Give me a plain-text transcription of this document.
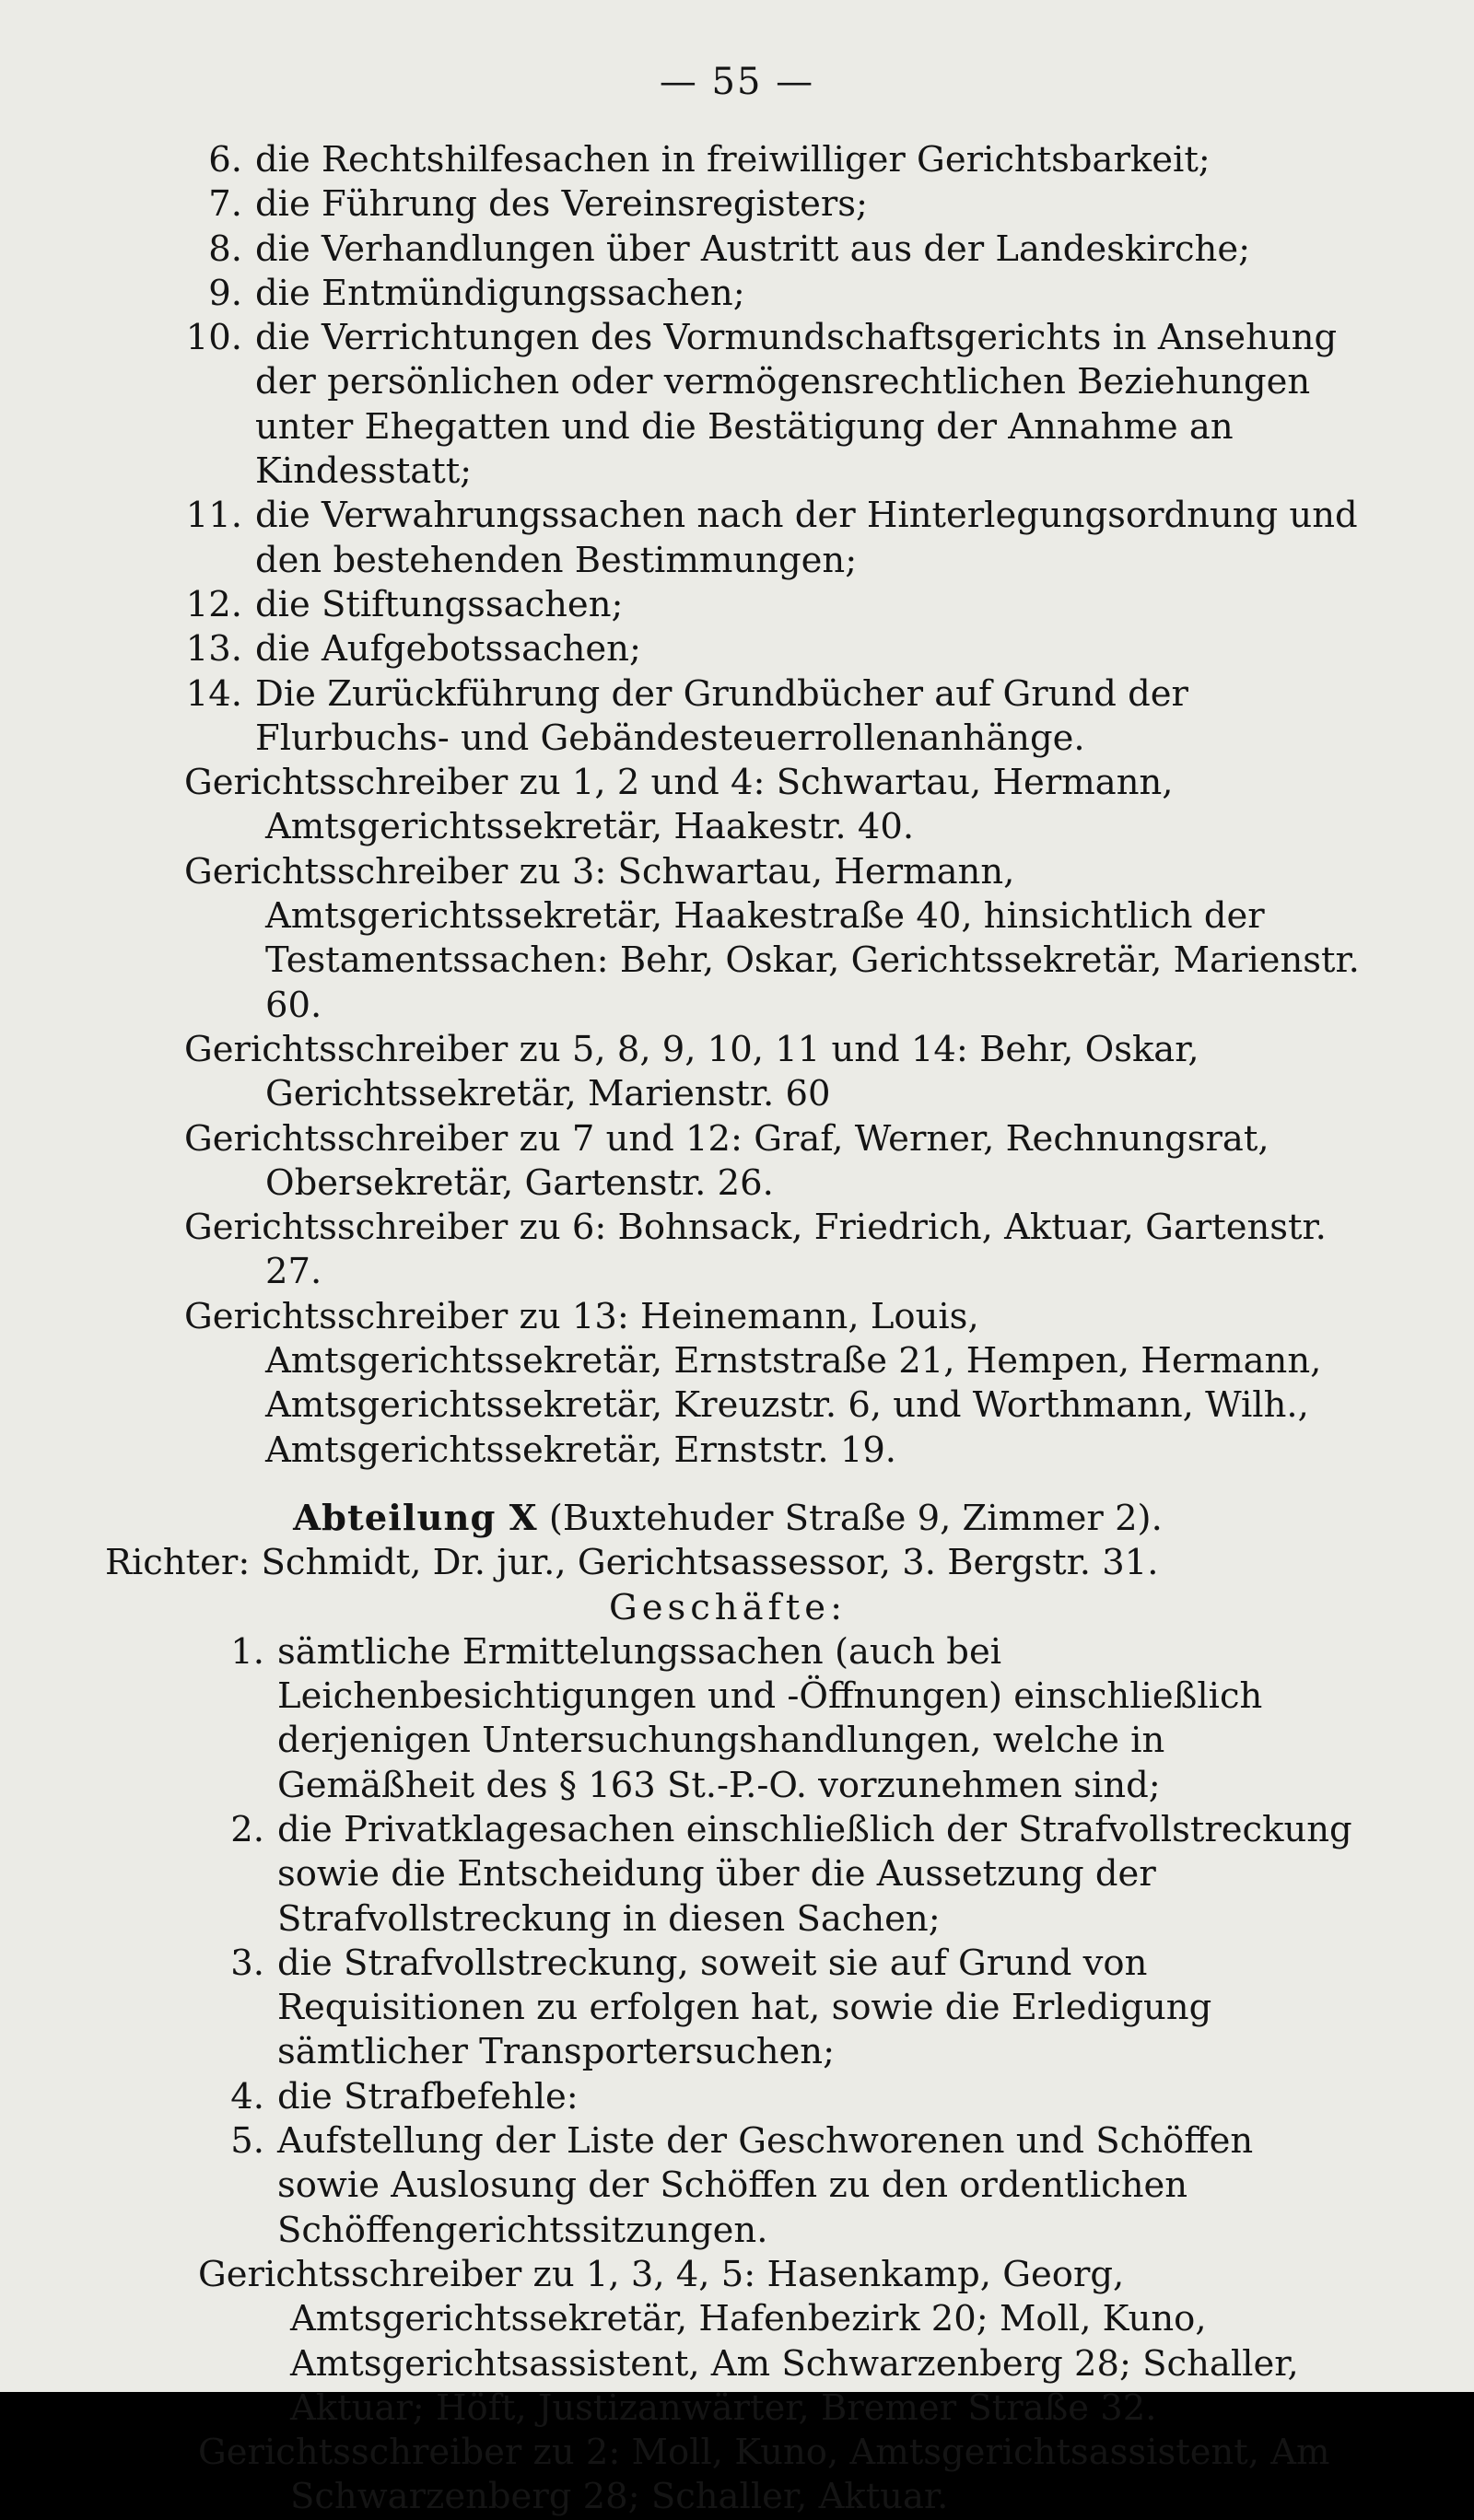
— 55 —
6. die Rechtshilfesachen in freiwilliger Gerichtsbarkeit;
7. die Führung des Vereinsregisters;
8. die Verhandlungen über Austritt aus der Landeskirche;
9. die Entmündigungssachen;
10. die Verrichtungen des Vormundschaftsgerichts in Ansehung der persönlichen oder vermögensrechtlichen Beziehungen unter Ehegatten und die Bestätigung der Annahme an Kindesstatt;
11. die Verwahrungssachen nach der Hinterlegungsordnung und den bestehenden Bestimmungen;
12. die Stiftungssachen;
13. die Aufgebotssachen;
14. Die Zurückführung der Grundbücher auf Grund der Flurbuchs- und Gebändesteuerrollenanhänge.

Gerichtsschreiber zu 1, 2 und 4: Schwartau, Hermann, Amtsgerichtssekretär, Haakestr. 40.

Gerichtsschreiber zu 3: Schwartau, Hermann, Amtsgerichtssekretär, Haakestraße 40, hinsichtlich der Testamentssachen: Behr, Oskar, Gerichtssekretär, Marienstr. 60.

Gerichtsschreiber zu 5, 8, 9, 10, 11 und 14: Behr, Oskar, Gerichtssekretär, Marienstr. 60

Gerichtsschreiber zu 7 und 12: Graf, Werner, Rechnungsrat, Obersekretär, Gartenstr. 26.

Gerichtsschreiber zu 6: Bohnsack, Friedrich, Aktuar, Gartenstr. 27.

Gerichtsschreiber zu 13: Heinemann, Louis, Amtsgerichtssekretär, Ernststraße 21, Hempen, Hermann, Amtsgerichtssekretär, Kreuzstr. 6, und Worthmann, Wilh., Amtsgerichtssekretär, Ernststr. 19.

Abteilung X (Buxtehuder Straße 9, Zimmer 2).

Richter: Schmidt, Dr. jur., Gerichtsassessor, 3. Bergstr. 31.

Geschäfte:

1. sämtliche Ermittelungssachen (auch bei Leichenbesichtigungen und -Öffnungen) einschließlich derjenigen Untersuchungshandlungen, welche in Gemäßheit des § 163 St.-P.-O. vorzunehmen sind;
2. die Privatklagesachen einschließlich der Strafvollstreckung sowie die Entscheidung über die Aussetzung der Strafvollstreckung in diesen Sachen;
3. die Strafvollstreckung, soweit sie auf Grund von Requisitionen zu erfolgen hat, sowie die Erledigung sämtlicher Transportersuchen;
4. die Strafbefehle:
5. Aufstellung der Liste der Geschworenen und Schöffen sowie Auslosung der Schöffen zu den ordentlichen Schöffengerichtssitzungen.

Gerichtsschreiber zu 1, 3, 4, 5: Hasenkamp, Georg, Amtsgerichtssekretär, Hafenbezirk 20; Moll, Kuno, Amtsgerichtsassistent, Am Schwarzenberg 28; Schaller, Aktuar; Höft, Justizanwärter, Bremer Straße 32.

Gerichtsschreiber zu 2: Moll, Kuno, Amtsgerichtsassistent, Am Schwarzenberg 28; Schaller, Aktuar.
